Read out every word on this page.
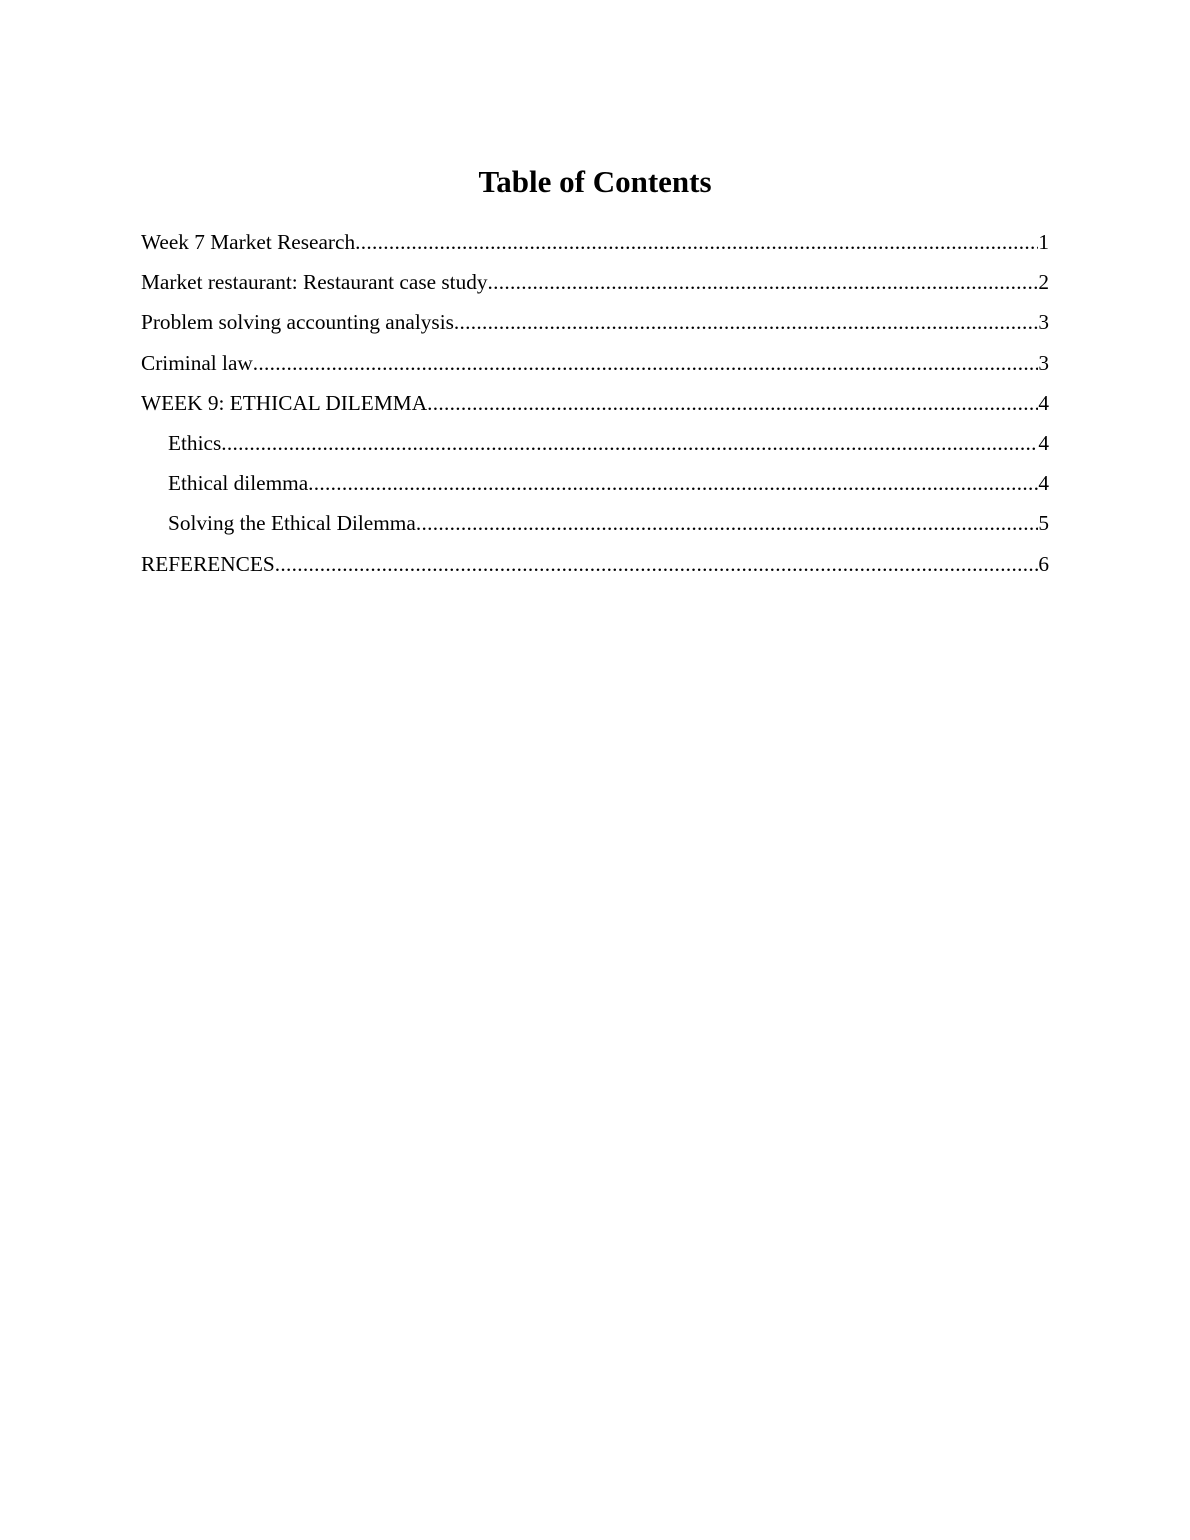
Table of Contents
Week 7 Market Research .....	1
Market restaurant: Restaurant case study .....	2
Problem solving accounting analysis .....	3
Criminal law .....	3
WEEK 9: ETHICAL DILEMMA .....	4
Ethics .....	4
Ethical dilemma .....	4
Solving the Ethical Dilemma .....	5
REFERENCES .....	6
